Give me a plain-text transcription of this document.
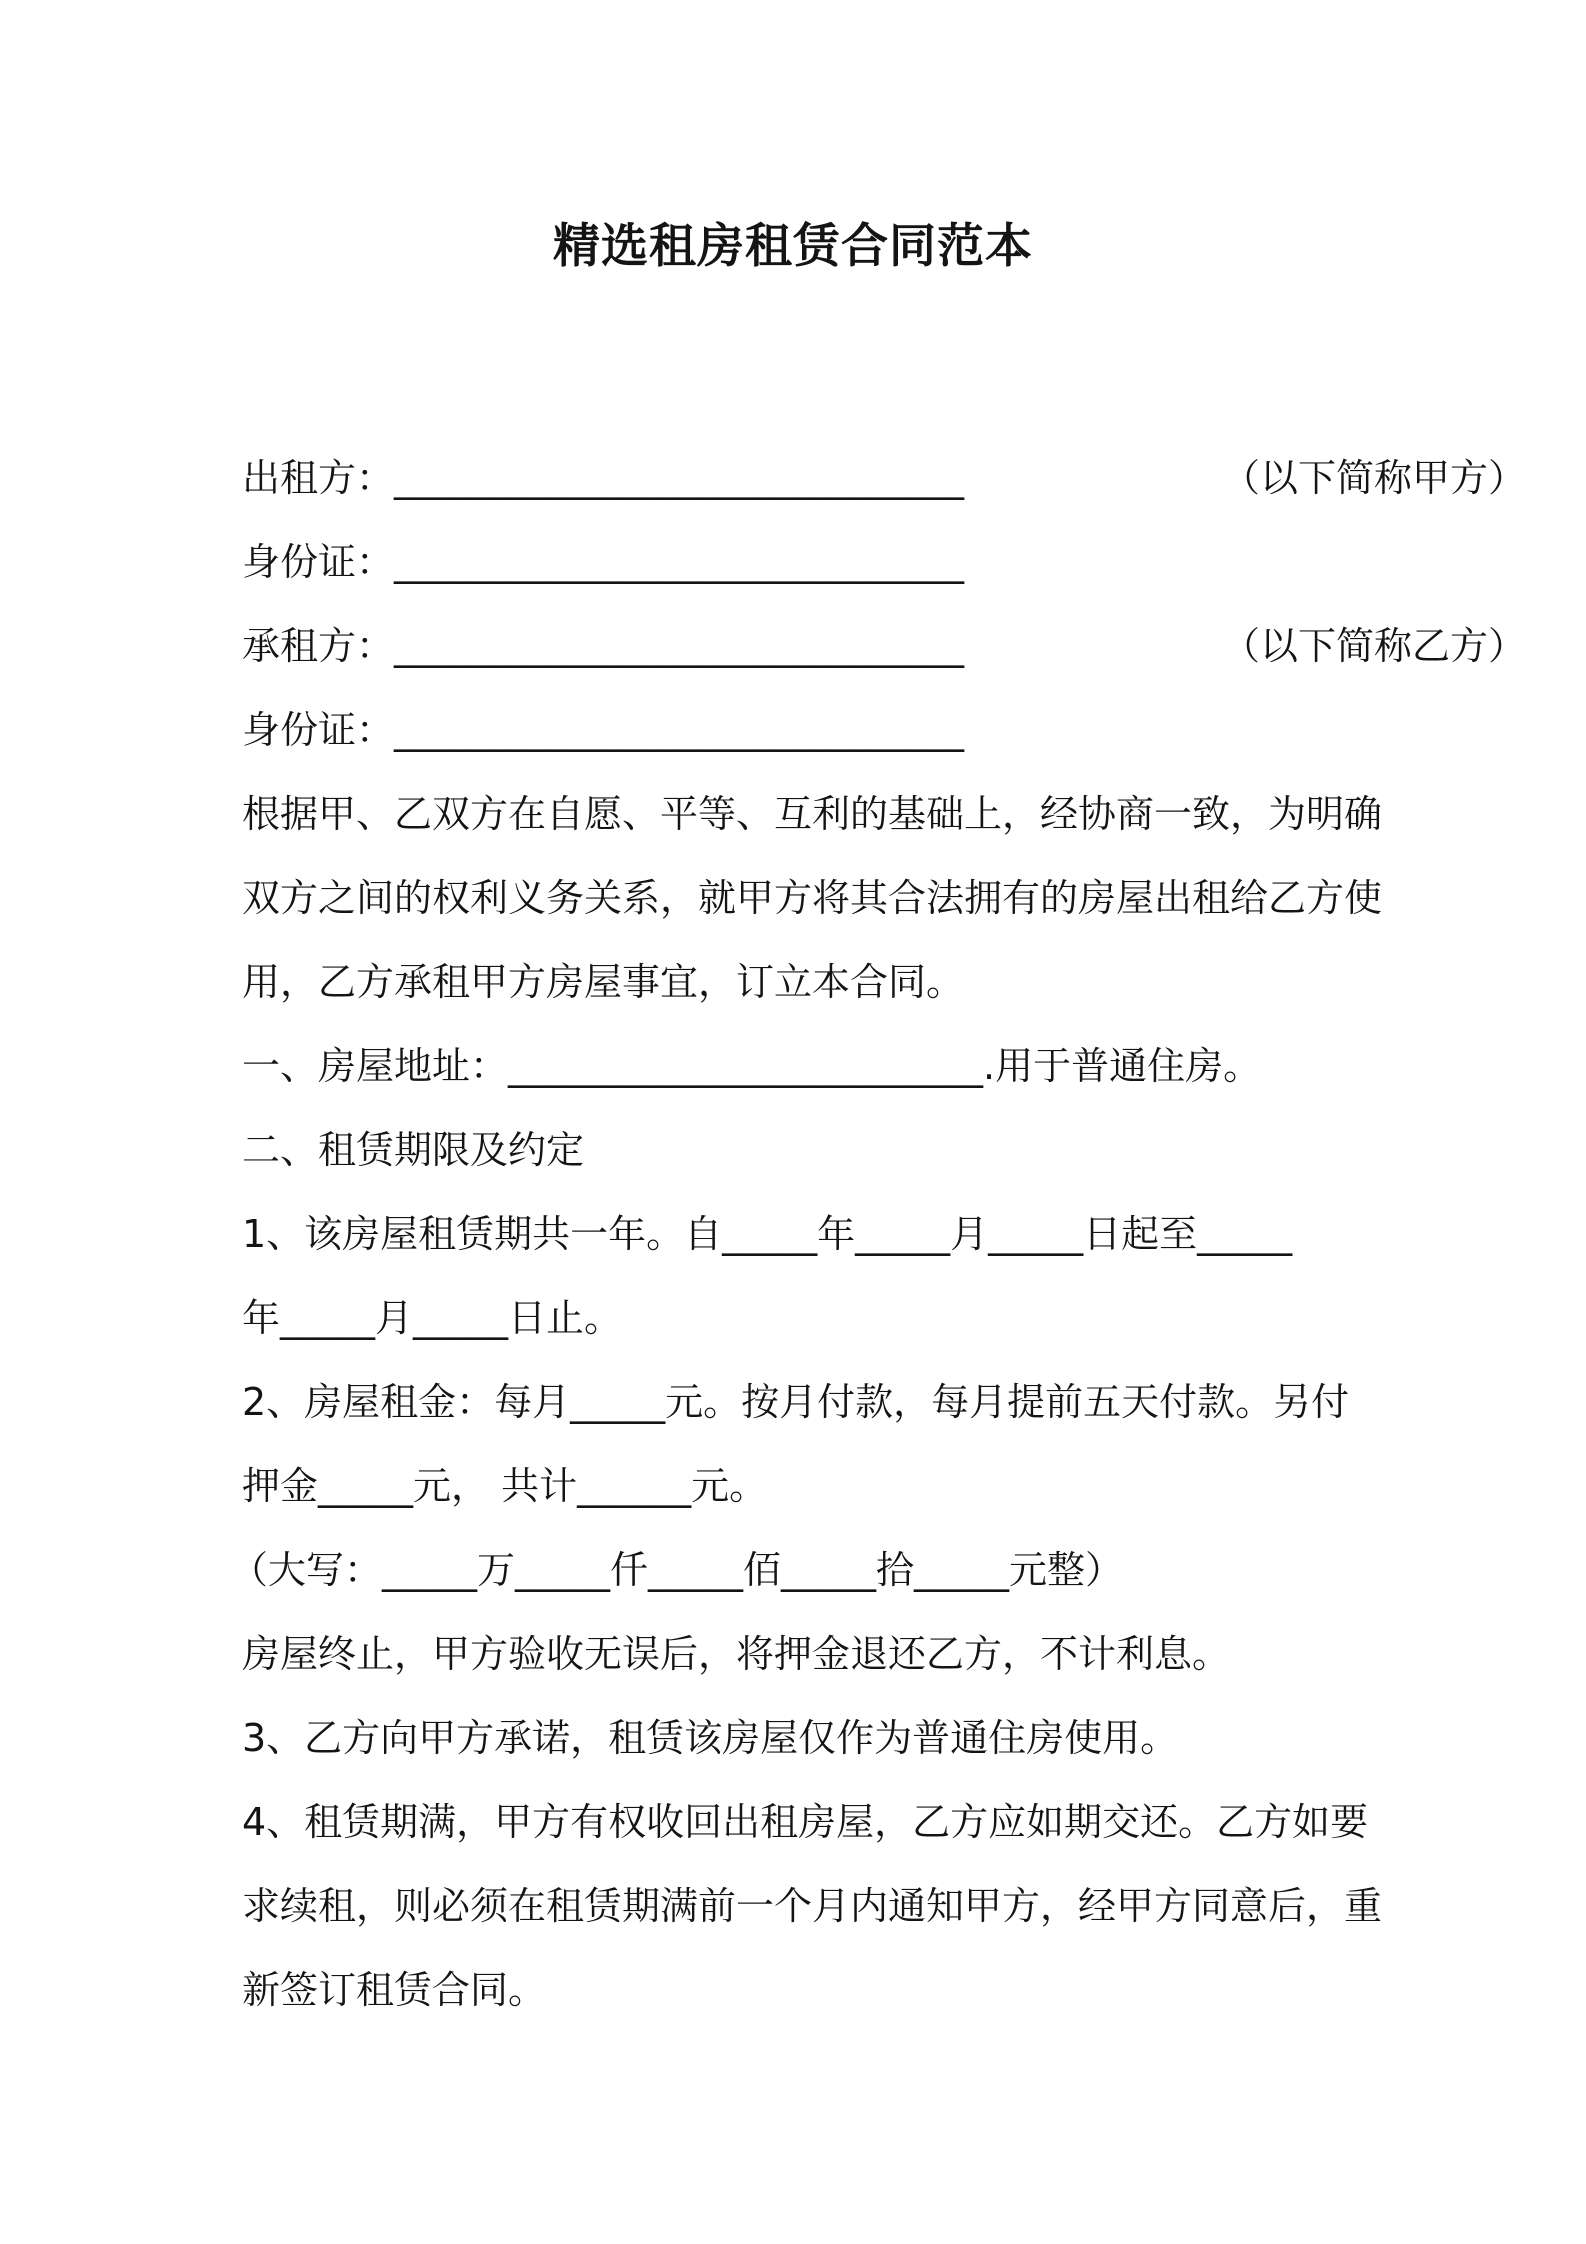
精选租房租赁合同范本
出租方：______________________________	（以下简称甲方）
身份证：______________________________
承租方：______________________________	（以下简称乙方）
身份证：______________________________
根据甲、乙双方在自愿、平等、互利的基础上，经协商一致，为明确
双方之间的权利义务关系，就甲方将其合法拥有的房屋出租给乙方使
用，乙方承租甲方房屋事宜，订立本合同。
一、房屋地址：_________________________.用于普通住房。
二、租赁期限及约定
1、该房屋租赁期共一年。自_____年_____月_____日起至_____
年_____月_____日止。
2、房屋租金：每月_____元。按月付款，每月提前五天付款。另付
押金_____元， 共计______元。
（大写：_____万_____仟_____佰_____拾_____元整）
房屋终止，甲方验收无误后，将押金退还乙方，不计利息。
3、乙方向甲方承诺，租赁该房屋仅作为普通住房使用。
4、租赁期满，甲方有权收回出租房屋，乙方应如期交还。乙方如要
求续租，则必须在租赁期满前一个月内通知甲方，经甲方同意后，重
新签订租赁合同。
